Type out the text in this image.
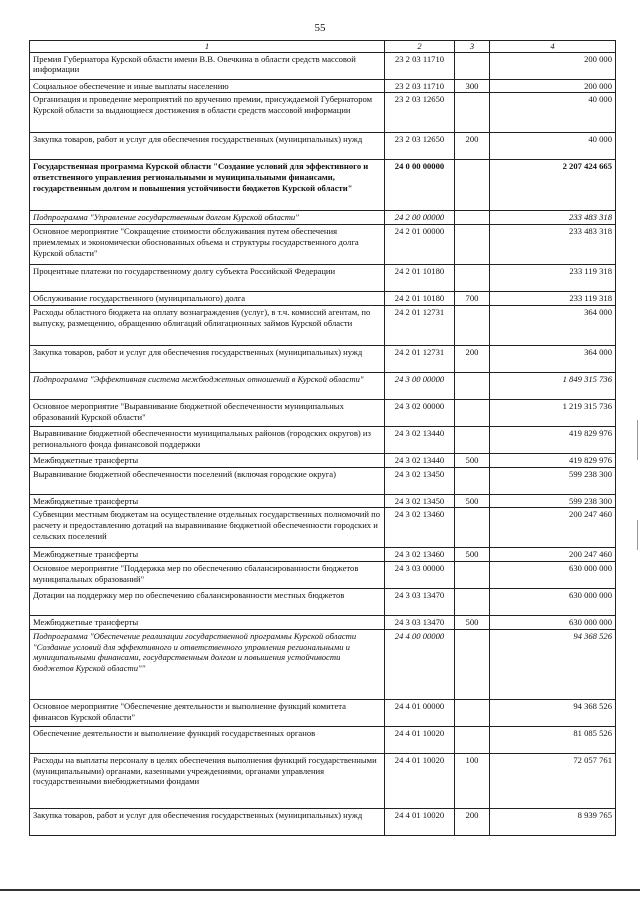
55
1	2	3	4
Премия Губернатора Курской области имени В.В. Овечкина в области средств массовой информации	23 2 03 11710		200 000
Социальное обеспечение и иные выплаты населению	23 2 03 11710	300	200 000
Организация и проведение мероприятий по вручению премии, присуждаемой Губернатором Курской области за выдающиеся достижения в области средств массовой информации	23 2 03 12650		40 000
Закупка товаров, работ и услуг для обеспечения государственных (муниципальных) нужд	23 2 03 12650	200	40 000
Государственная программа Курской области "Создание условий для эффективного и ответственного управления региональными и муниципальными финансами, государственным долгом и повышения устойчивости бюджетов Курской области"	24 0 00 00000		2 207 424 665
Подпрограмма "Управление государственным долгом Курской области"	24 2 00 00000		233 483 318
Основное мероприятие "Сокращение стоимости обслуживания путем обеспечения приемлемых и экономически обоснованных объема и структуры государственного долга Курской области"	24 2 01 00000		233 483 318
Процентные платежи по государственному долгу субъекта Российской Федерации	24 2 01 10180		233 119 318
Обслуживание государственного (муниципального) долга	24 2 01 10180	700	233 119 318
Расходы областного бюджета на оплату вознаграждения (услуг), в т.ч. комиссий агентам, по выпуску, размещению, обращению облигаций облигационных займов Курской области	24 2 01 12731		364 000
Закупка товаров, работ и услуг для обеспечения государственных (муниципальных) нужд	24 2 01 12731	200	364 000
Подпрограмма "Эффективная система межбюджетных отношений в Курской области"	24 3 00 00000		1 849 315 736
Основное мероприятие "Выравнивание бюджетной обеспеченности муниципальных образований Курской области"	24 3 02 00000		1 219 315 736
Выравнивание бюджетной обеспеченности муниципальных районов (городских округов) из регионального фонда финансовой поддержки	24 3 02 13440		419 829 976
Межбюджетные трансферты	24 3 02 13440	500	419 829 976
Выравнивание бюджетной обеспеченности поселений (включая городские округа)	24 3 02 13450		599 238 300
Межбюджетные трансферты	24 3 02 13450	500	599 238 300
Субвенции местным бюджетам на осуществление отдельных государственных полномочий по расчету и предоставлению дотаций на выравнивание бюджетной обеспеченности городских и сельских поселений	24 3 02 13460		200 247 460
Межбюджетные трансферты	24 3 02 13460	500	200 247 460
Основное мероприятие "Поддержка мер по обеспечению сбалансированности бюджетов муниципальных образований"	24 3 03 00000		630 000 000
Дотации на поддержку мер по обеспечению сбалансированности местных бюджетов	24 3 03 13470		630 000 000
Межбюджетные трансферты	24 3 03 13470	500	630 000 000
Подпрограмма "Обеспечение реализации государственной программы Курской области "Создание условий для эффективного и ответственного управления региональными и муниципальными финансами, государственным долгом и повышения устойчивости бюджетов Курской области""	24 4 00 00000		94 368 526
Основное мероприятие "Обеспечение деятельности и выполнение функций комитета финансов Курской области"	24 4 01 00000		94 368 526
Обеспечение деятельности и выполнение функций государственных органов	24 4 01 10020		81 085 526
Расходы на выплаты персоналу в целях обеспечения выполнения функций государственными (муниципальными) органами, казенными учреждениями, органами управления государственными внебюджетными фондами	24 4 01 10020	100	72 057 761
Закупка товаров, работ и услуг для обеспечения государственных (муниципальных) нужд	24 4 01 10020	200	8 939 765
